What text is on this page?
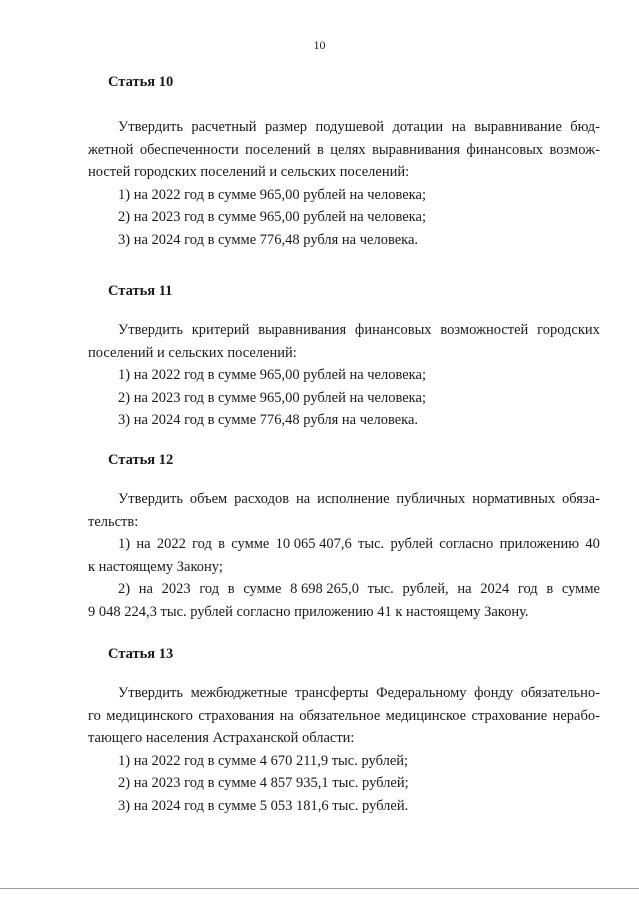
10
Статья 10
Утвердить расчетный размер подушевой дотации на выравнивание бюд-
жетной обеспеченности поселений в целях выравнивания финансовых возмож-
ностей городских поселений и сельских поселений:
1) на 2022 год в сумме 965,00 рублей на человека;
2) на 2023 год в сумме 965,00 рублей на человека;
3) на 2024 год в сумме 776,48 рубля на человека.
Статья 11
Утвердить критерий выравнивания финансовых возможностей городских
поселений и сельских поселений:
1) на 2022 год в сумме 965,00 рублей на человека;
2) на 2023 год в сумме 965,00 рублей на человека;
3) на 2024 год в сумме 776,48 рубля на человека.
Статья 12
Утвердить объем расходов на исполнение публичных нормативных обяза-
тельств:
1) на 2022 год в сумме 10 065 407,6 тыс. рублей согласно приложению 40
к настоящему Закону;
2) на 2023 год в сумме 8 698 265,0 тыс. рублей, на 2024 год в сумме
9 048 224,3 тыс. рублей согласно приложению 41 к настоящему Закону.
Статья 13
Утвердить межбюджетные трансферты Федеральному фонду обязательно-
го медицинского страхования на обязательное медицинское страхование нерабо-
тающего населения Астраханской области:
1) на 2022 год в сумме 4 670 211,9 тыс. рублей;
2) на 2023 год в сумме 4 857 935,1 тыс. рублей;
3) на 2024 год в сумме 5 053 181,6 тыс. рублей.
